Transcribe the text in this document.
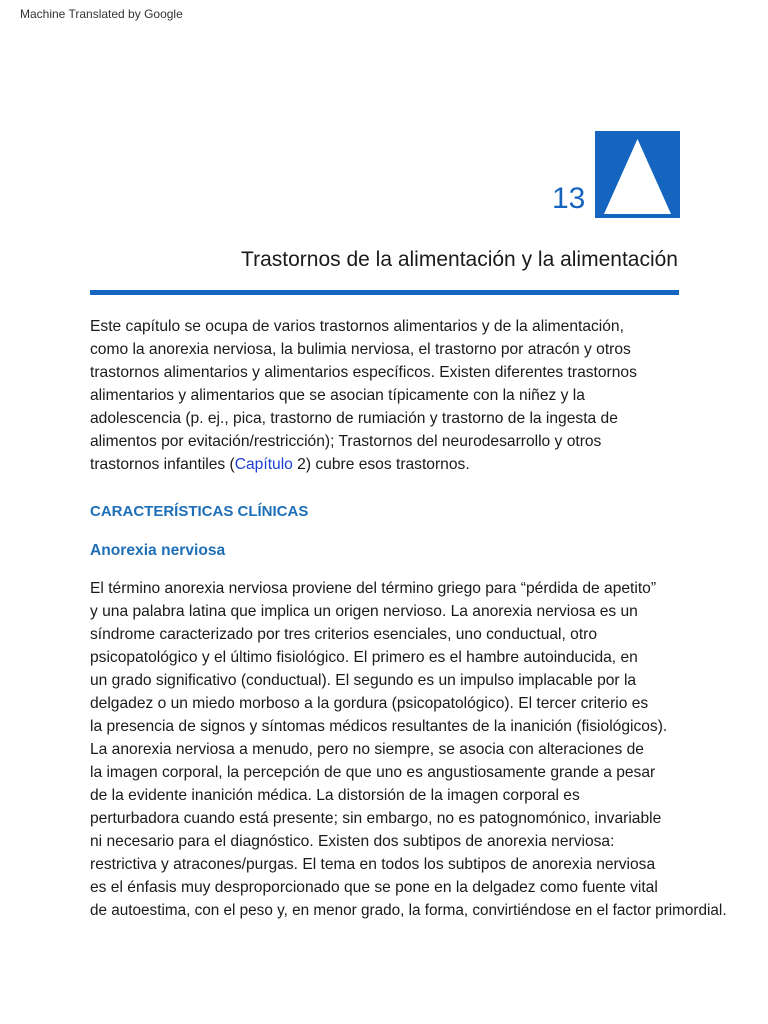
Machine Translated by Google
13
Trastornos de la alimentación y la alimentación

Este capítulo se ocupa de varios trastornos alimentarios y de la alimentación,
como la anorexia nerviosa, la bulimia nerviosa, el trastorno por atracón y otros
trastornos alimentarios y alimentarios específicos. Existen diferentes trastornos
alimentarios y alimentarios que se asocian típicamente con la niñez y la
adolescencia (p. ej., pica, trastorno de rumiación y trastorno de la ingesta de
alimentos por evitación/restricción); Trastornos del neurodesarrollo y otros
trastornos infantiles (Capítulo 2) cubre esos trastornos.

CARACTERÍSTICAS CLÍNICAS
Anorexia nerviosa

El término anorexia nerviosa proviene del término griego para “pérdida de apetito”
y una palabra latina que implica un origen nervioso. La anorexia nerviosa es un
síndrome caracterizado por tres criterios esenciales, uno conductual, otro
psicopatológico y el último fisiológico. El primero es el hambre autoinducida, en
un grado significativo (conductual). El segundo es un impulso implacable por la
delgadez o un miedo morboso a la gordura (psicopatológico). El tercer criterio es
la presencia de signos y síntomas médicos resultantes de la inanición (fisiológicos).
La anorexia nerviosa a menudo, pero no siempre, se asocia con alteraciones de
la imagen corporal, la percepción de que uno es angustiosamente grande a pesar
de la evidente inanición médica. La distorsión de la imagen corporal es
perturbadora cuando está presente; sin embargo, no es patognomónico, invariable
ni necesario para el diagnóstico. Existen dos subtipos de anorexia nerviosa:
restrictiva y atracones/purgas. El tema en todos los subtipos de anorexia nerviosa
es el énfasis muy desproporcionado que se pone en la delgadez como fuente vital
de autoestima, con el peso y, en menor grado, la forma, convirtiéndose en el factor primordial.
